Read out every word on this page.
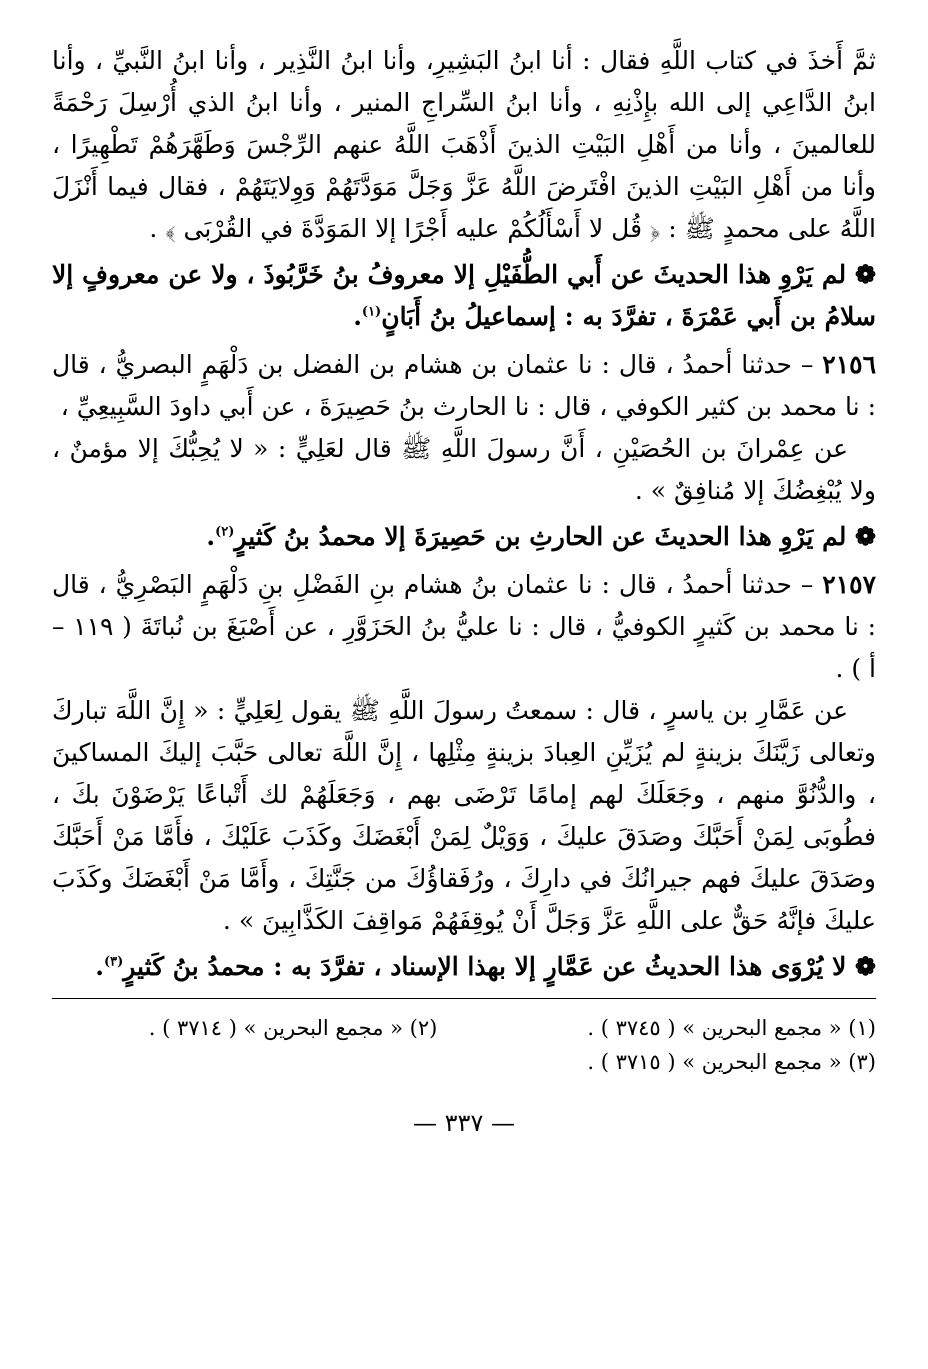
ثمَّ أَخذَ في كتاب اللَّهِ فقال : أنا ابنُ البَشِيرِ، وأنا ابنُ النَّذِير ، وأنا ابنُ النَّبيِّ ، وأنا ابنُ الدَّاعِي إلى الله بإِذْنِهِ ، وأنا ابنُ السِّراجِ المنير ، وأنا ابنُ الذي أُرْسِلَ رَحْمَةً للعالمينَ ، وأنا من أَهْلِ البَيْتِ الذينَ أَذْهَبَ اللَّهُ عنهم الرِّجْسَ وَطَهَّرَهُمْ تَطْهِيرًا ، وأنا من أَهْلِ البَيْتِ الذينَ افْتَرضَ اللَّهُ عَزَّ وَجَلَّ مَوَدَّتَهُمْ وَوِلايَتَهُمْ ، فقال فيما أَنْزَلَ اللَّهُ على محمدٍ ﷺ : ﴿ قُل لا أَسْأَلُكُمْ عليه أَجْرًا إلا المَوَدَّةَ في القُرْبَى ﴾ .

❁ لم يَرْوِ هذا الحديثَ عن أَبي الطُّفَيْلِ إلا معروفُ بنُ خَرَّبُوذَ ، ولا عن معروفٍ إلا سلامُ بن أَبي عَمْرَةَ ، تفرَّدَ به : إسماعيلُ بنُ أَبَانٍ$^{(١)}$.

٢١٥٦ – حدثنا أحمدُ ، قال : نا عثمان بن هشام بن الفضل بن دَلْهَمٍ البصريُّ ، قال : نا محمد بن كثير الكوفي ، قال : نا الحارث بنُ حَصِيرَةَ ، عن أَبي داودَ السَّبِيعِيِّ ،

عن عِمْرانَ بن الحُصَيْنِ ، أَنَّ رسولَ اللَّهِ ﷺ قال لعَلِيٍّ : « لا يُحِبُّكَ إلا مؤمنٌ ، ولا يُبْغِضُكَ إلا مُنافِقٌ » .

❁ لم يَرْوِ هذا الحديثَ عن الحارثِ بن حَصِيرَةَ إلا محمدُ بنُ كَثيرٍ$^{(٢)}$.

٢١٥٧ – حدثنا أحمدُ ، قال : نا عثمان بنُ هشام بنِ الفَضْلِ بنِ دَلْهَمٍ البَصْرِيُّ ، قال : نا محمد بن كَثيرٍ الكوفيُّ ، قال : نا عليُّ بنُ الحَزَوَّرِ ، عن أَصْبَغَ بن نُباتَةَ ( ١١٩ – أ ) .

عن عَمَّارِ بن ياسرٍ ، قال : سمعتُ رسولَ اللَّهِ ﷺ يقول لِعَلِيٍّ : « إِنَّ اللَّهَ تباركَ وتعالى زَيَّنَكَ بزينةٍ لم يُزَيِّنِ العِبادَ بزينةٍ مِثْلِها ، إِنَّ اللَّهَ تعالى حَبَّبَ إليكَ المساكينَ ، والدُّنُوَّ منهم ، وجَعَلَكَ لهم إمامًا تَرْضَى بهم ، وَجَعَلَهُمْ لك أَتْباعًا يَرْضَوْنَ بكَ ، فطُوبَى لِمَنْ أَحَبَّكَ وصَدَقَ عليكَ ، وَوَيْلٌ لِمَنْ أَبْغَضَكَ وكَذَبَ عَلَيْكَ ، فأَمَّا مَنْ أَحَبَّكَ وصَدَقَ عليكَ فهم جيرانُكَ في دارِكَ ، ورُفَقاؤُكَ من جَنَّتِكَ ، وأَمَّا مَنْ أَبْغَضَكَ وكَذَبَ عليكَ فإنَّهُ حَقٌّ على اللَّهِ عَزَّ وَجَلَّ أَنْ يُوقِفَهُمْ مَواقِفَ الكَذَّابِينَ » .

❁ لا يُرْوَى هذا الحديثُ عن عَمَّارٍ إلا بهذا الإسناد ، تفرَّدَ به : محمدُ بنُ كَثيرٍ$^{(٣)}$.

(١) « مجمع البحرين » ( ٣٧٤٥ ) .
(٢) « مجمع البحرين » ( ٣٧١٤ ) .
(٣) « مجمع البحرين » ( ٣٧١٥ ) .
— ٣٣٧ —
